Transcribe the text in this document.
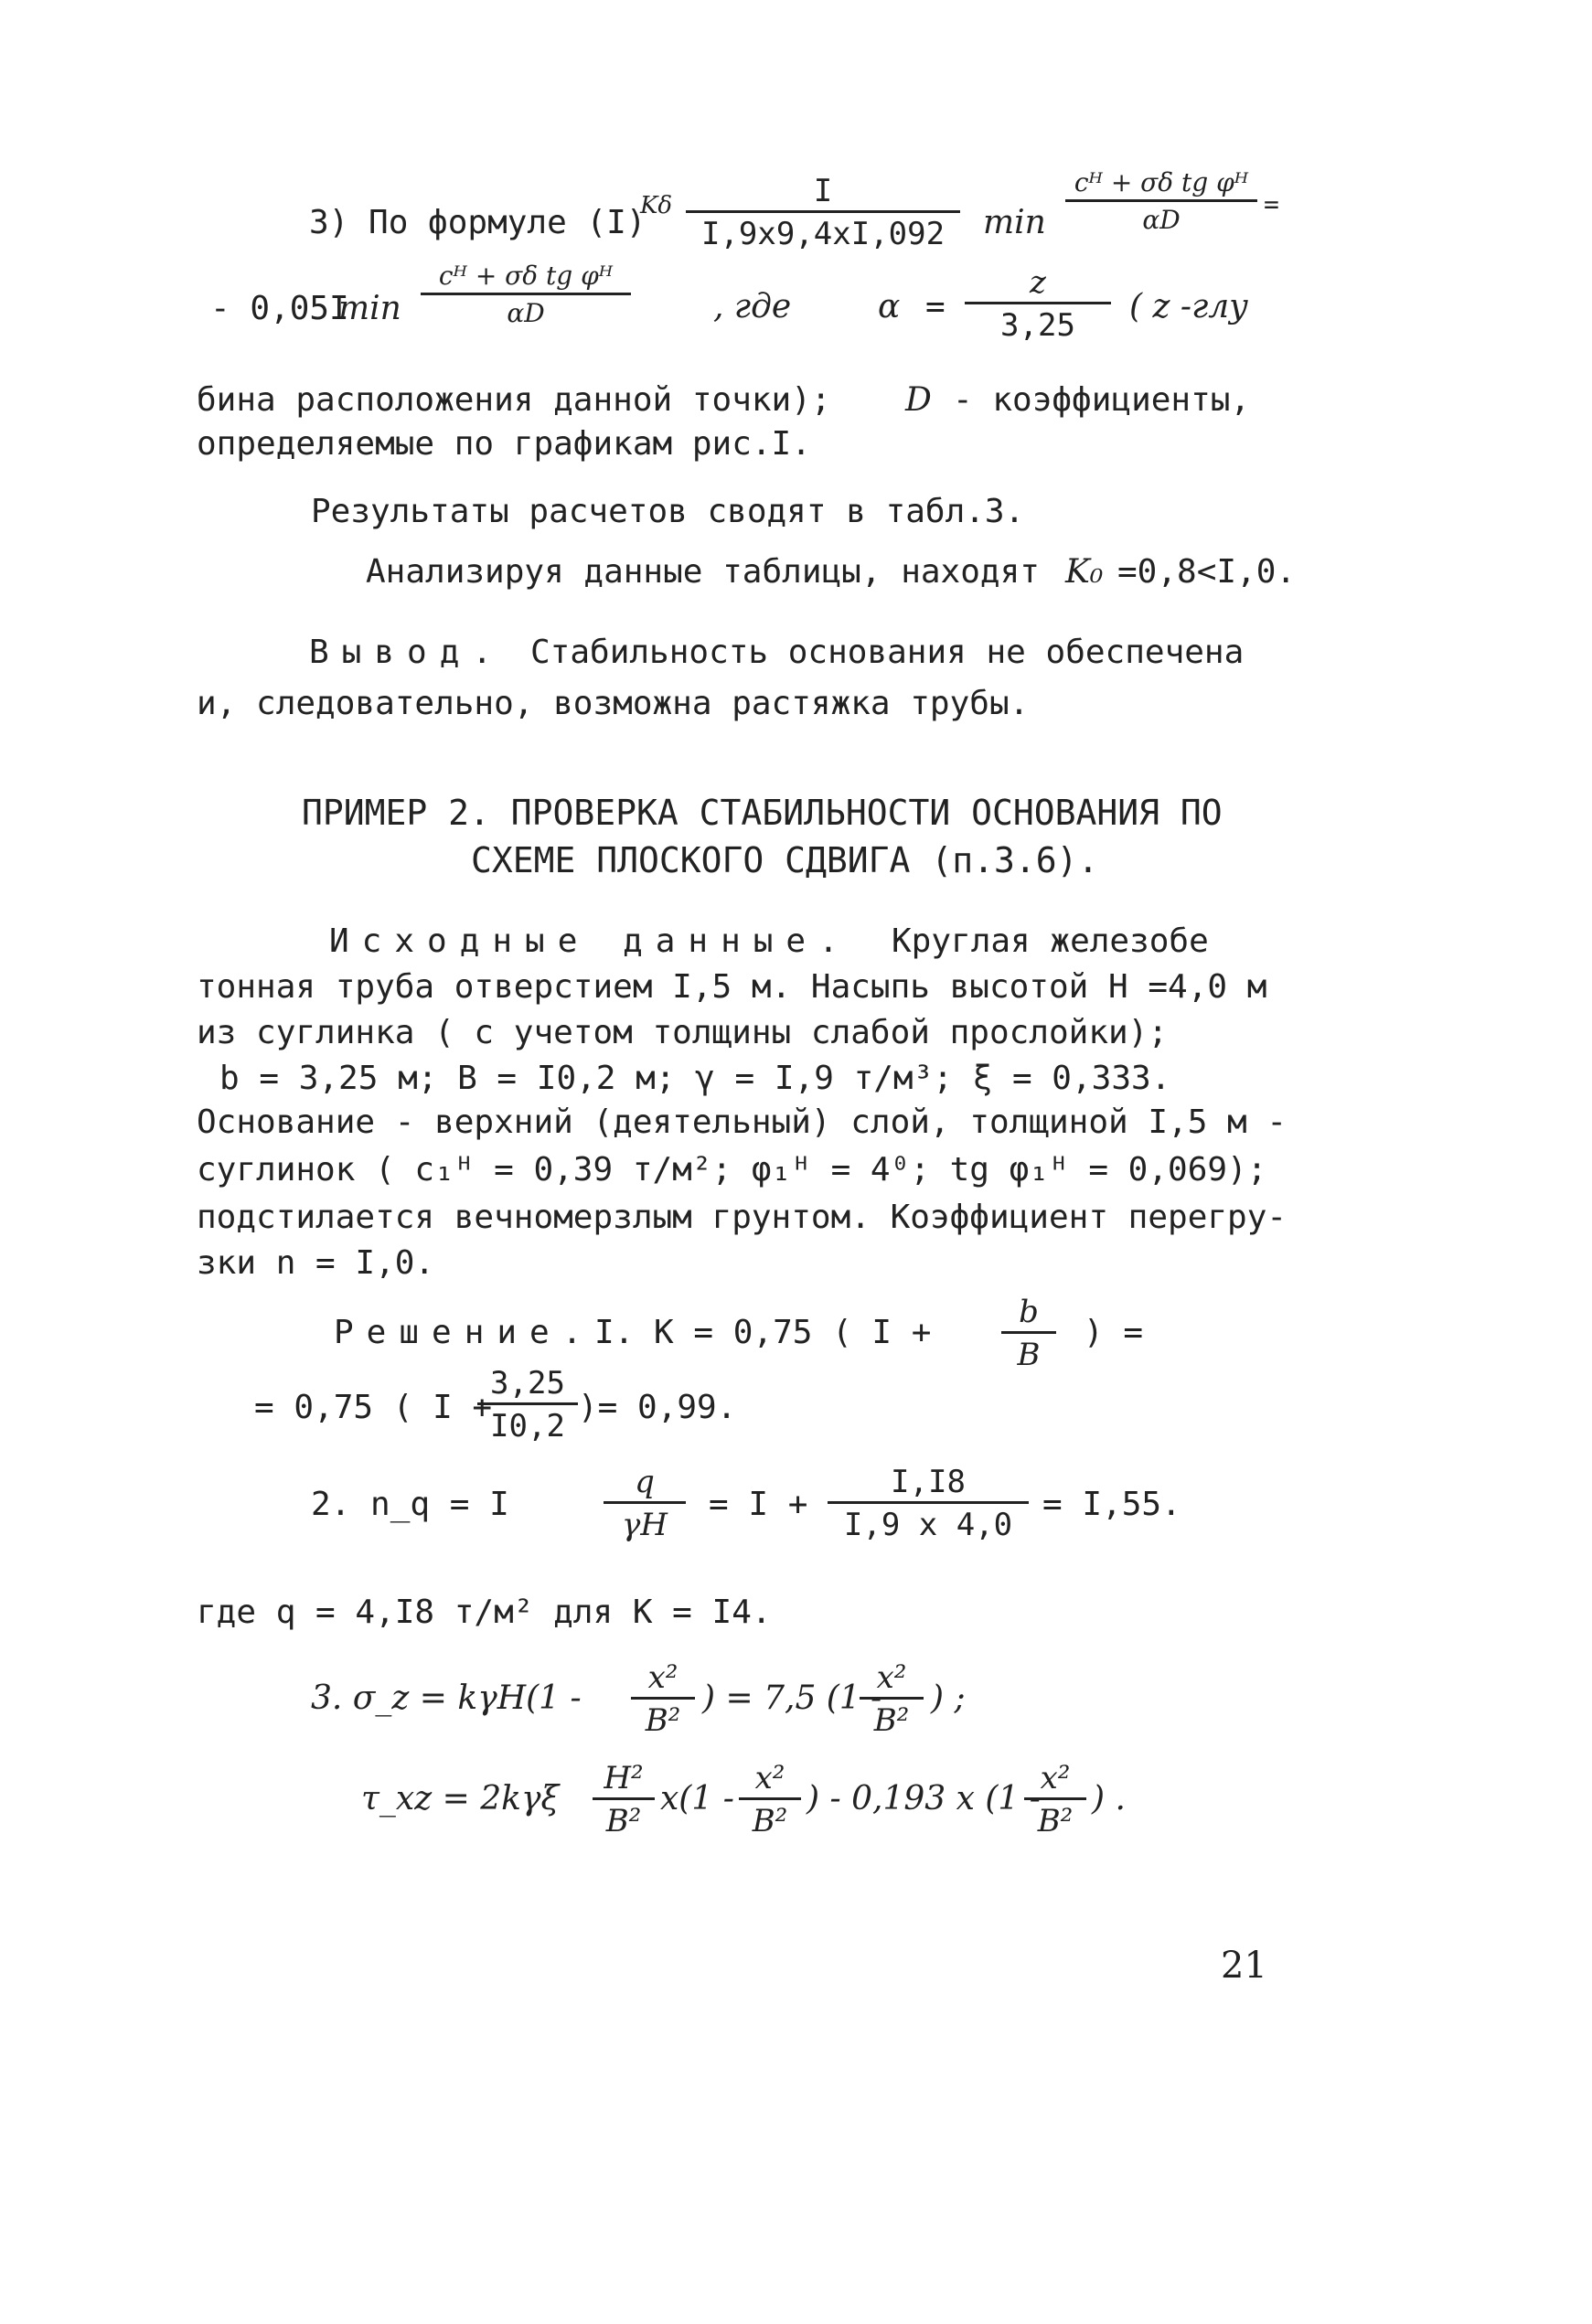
3) По формуле (I)
Kδ $\frac{I}{I,9x9,4xI,092}$ $\min \frac{\text{cᴴ + σδ tg φᴴ}}{\alpha D}$ =
- 0,05I
$\min \frac{\text{cᴴ + σδ tg φᴴ}}{\alpha D}$	, где	$\alpha = \frac{z}{3,25}$ ( z -глу
бина расположения данной точки); D - коэффициенты,
определяемые по графикам рис.I.
Результаты расчетов сводят в табл.3.
Анализируя данные таблицы, находят K₀ =0,8<I,0.
Вывод. Стабильность основания не обеспечена
и, следовательно, возможна растяжка трубы.
ПРИМЕР 2. ПРОВЕРКА СТАБИЛЬНОСТИ ОСНОВАНИЯ ПО
СХЕМЕ ПЛОСКОГО СДВИГА (п.3.6).
Исходные данные. Круглая железобе
тонная труба отверстием I,5 м. Насыпь высотой H =4,0 м
из суглинка ( с учетом толщины слабой прослойки);
b = 3,25 м; B = I0,2 м; γ = I,9 т/м³; ξ = 0,333.
Основание - верхний (деятельный) слой, толщиной I,5 м -
суглинок ( c₁ᴴ = 0,39 т/м²; φ₁ᴴ = 4⁰; tg φ₁ᴴ = 0,069);
подстилается вечномерзлым грунтом. Коэффициент перегру-
зки n = I,0.
Решение. I. K = 0,75 ( $I + \frac{b}{B}$ ) =
= 0,75 ( I +
$\frac{3,25}{I0,2}$ )= 0,99.
2. n_q = I	$\frac{q}{\gamma H} = I + \frac{I,I8}{I,9 x 4,0} = I,55$.
где q = 4,I8 т/м² для K = I4.
3. σ_z = $k\gamma H(1 - \frac{\text{x²}}{\text{B²}}$ ) = 7,5 (1 -
$\frac{\text{x²}}{\text{B²}}$ ) ;
τ_xz = $2k\gamma\xi \frac{\text{H²}}{\text{B²}} x(1 - \frac{\text{x²}}{\text{B²}}$ ) - 0,193 x (1 -
$\frac{\text{x²}}{\text{B²}}$ ) .
21
